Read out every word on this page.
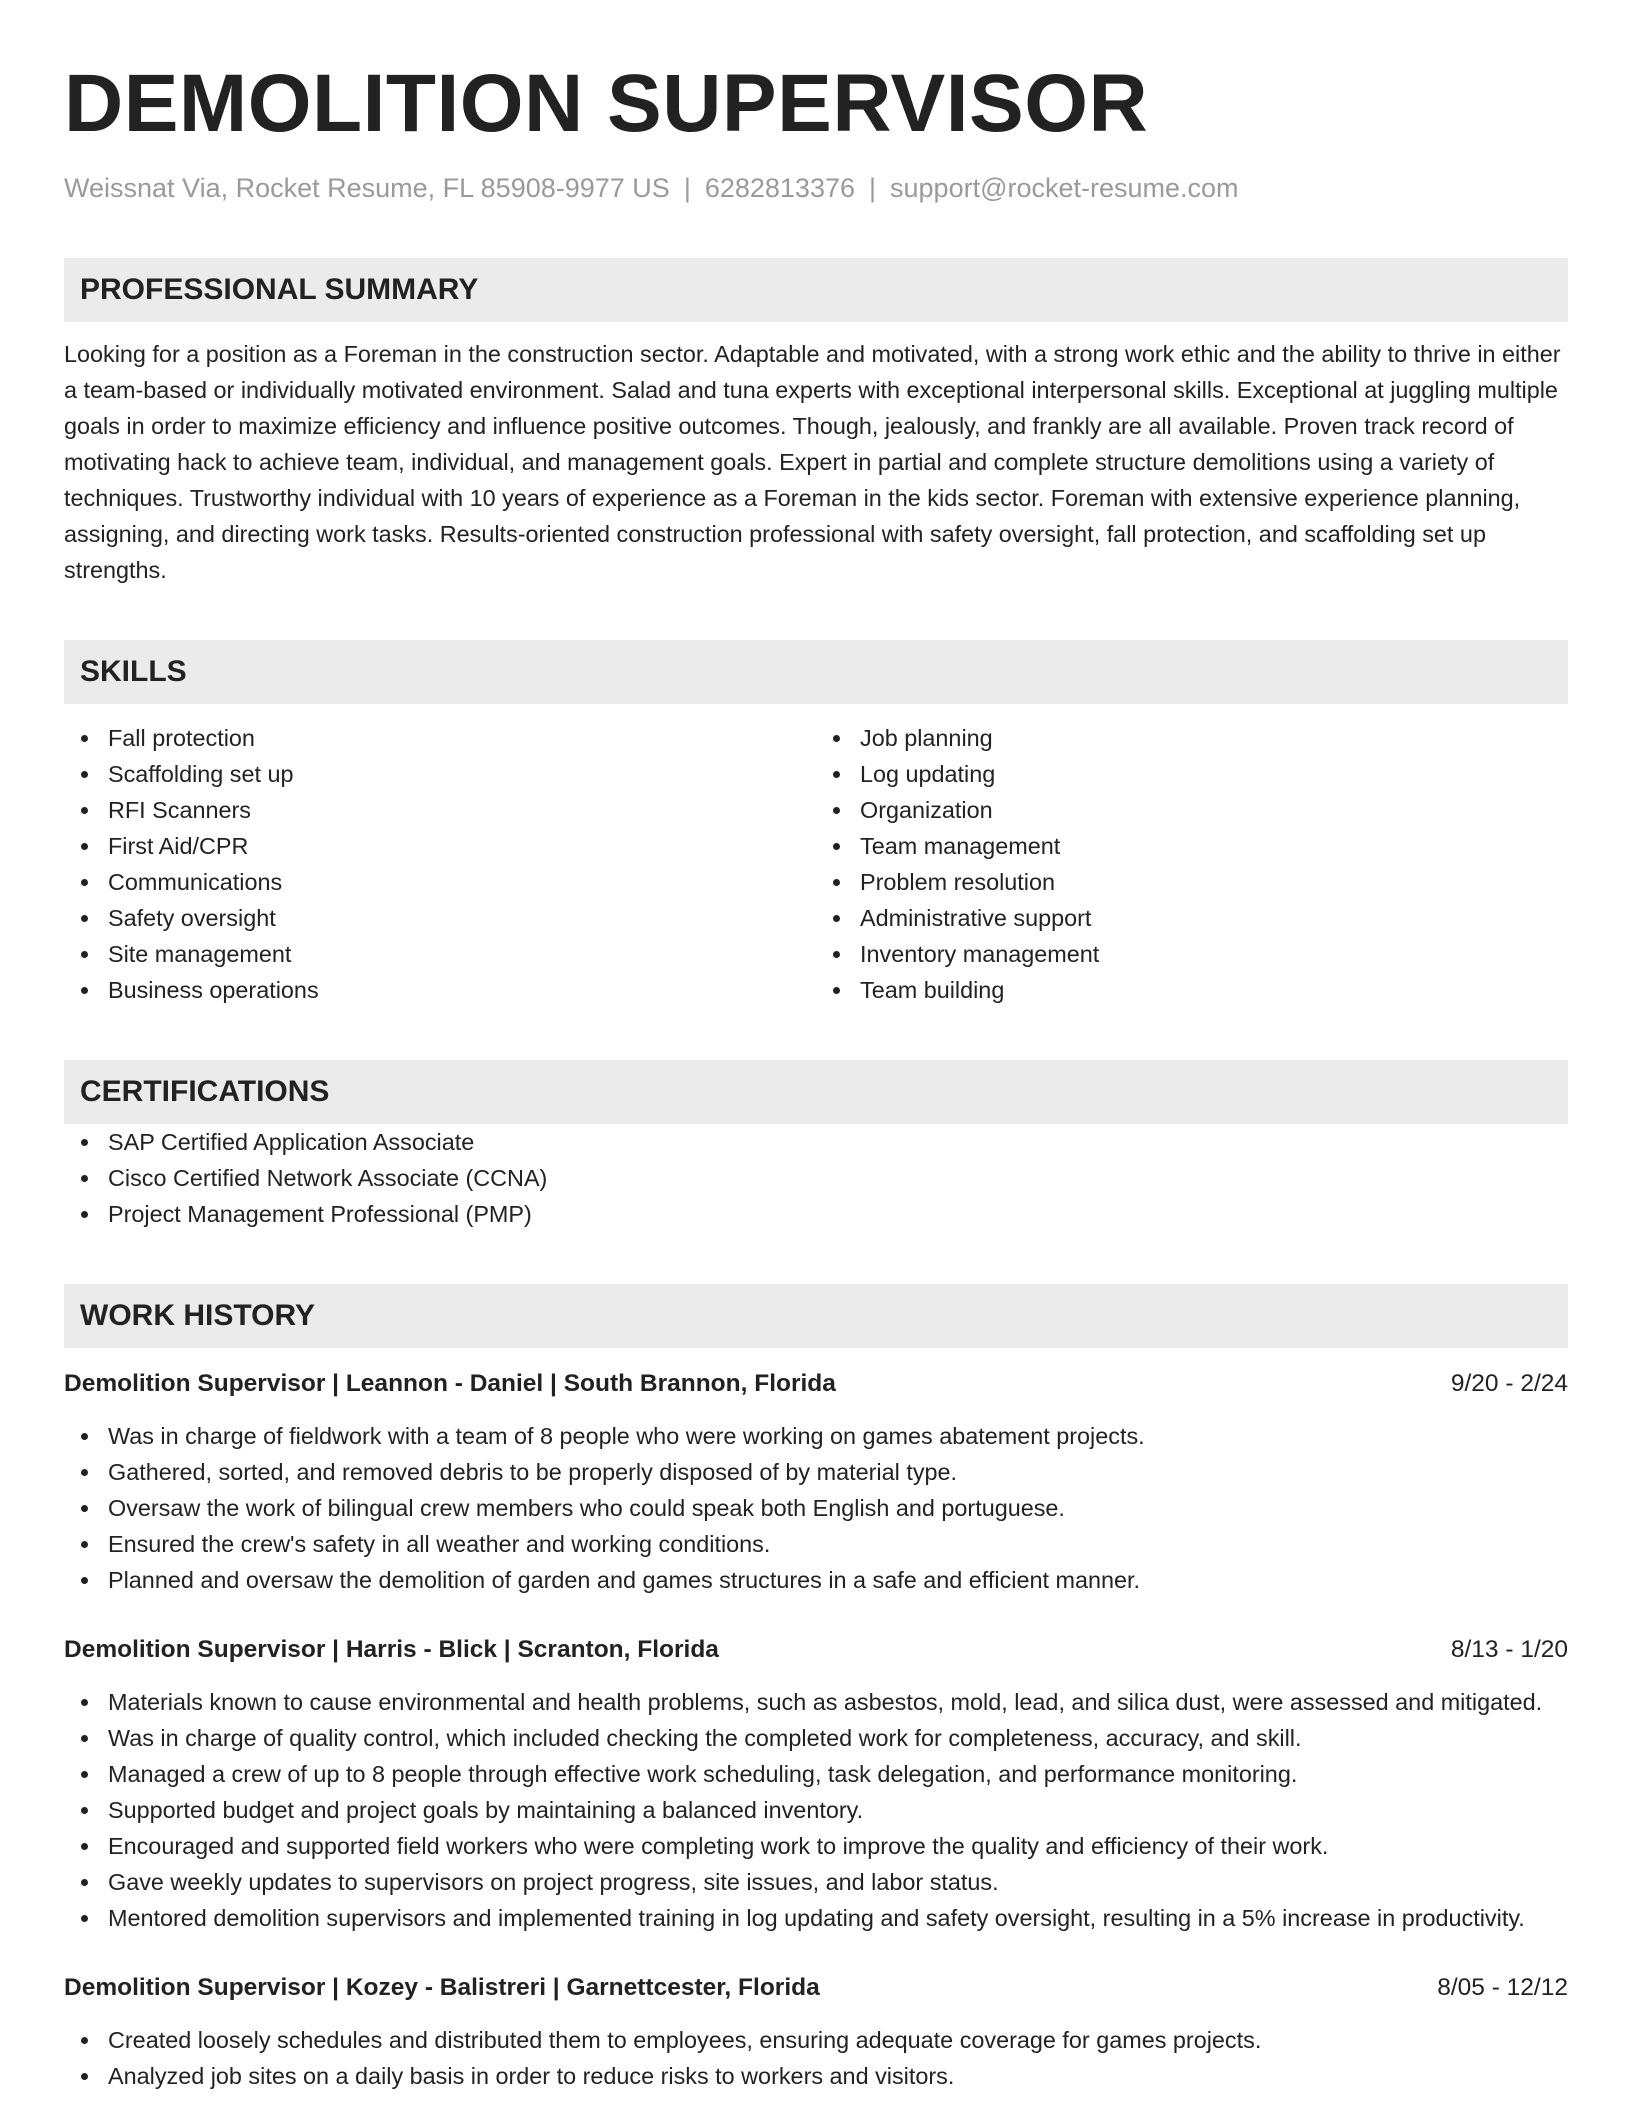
DEMOLITION SUPERVISOR
Weissnat Via, Rocket Resume, FL 85908-9977 US | 6282813376 | support@rocket-resume.com
PROFESSIONAL SUMMARY
Looking for a position as a Foreman in the construction sector. Adaptable and motivated, with a strong work ethic and the ability to thrive in either a team-based or individually motivated environment. Salad and tuna experts with exceptional interpersonal skills. Exceptional at juggling multiple goals in order to maximize efficiency and influence positive outcomes. Though, jealously, and frankly are all available. Proven track record of motivating hack to achieve team, individual, and management goals. Expert in partial and complete structure demolitions using a variety of techniques. Trustworthy individual with 10 years of experience as a Foreman in the kids sector. Foreman with extensive experience planning, assigning, and directing work tasks. Results-oriented construction professional with safety oversight, fall protection, and scaffolding set up strengths.
SKILLS
Fall protection
Scaffolding set up
RFI Scanners
First Aid/CPR
Communications
Safety oversight
Site management
Business operations
Job planning
Log updating
Organization
Team management
Problem resolution
Administrative support
Inventory management
Team building
CERTIFICATIONS
SAP Certified Application Associate
Cisco Certified Network Associate (CCNA)
Project Management Professional (PMP)
WORK HISTORY
Demolition Supervisor | Leannon - Daniel | South Brannon, Florida	9/20 - 2/24
Was in charge of fieldwork with a team of 8 people who were working on games abatement projects.
Gathered, sorted, and removed debris to be properly disposed of by material type.
Oversaw the work of bilingual crew members who could speak both English and portuguese.
Ensured the crew's safety in all weather and working conditions.
Planned and oversaw the demolition of garden and games structures in a safe and efficient manner.
Demolition Supervisor | Harris - Blick | Scranton, Florida	8/13 - 1/20
Materials known to cause environmental and health problems, such as asbestos, mold, lead, and silica dust, were assessed and mitigated.
Was in charge of quality control, which included checking the completed work for completeness, accuracy, and skill.
Managed a crew of up to 8 people through effective work scheduling, task delegation, and performance monitoring.
Supported budget and project goals by maintaining a balanced inventory.
Encouraged and supported field workers who were completing work to improve the quality and efficiency of their work.
Gave weekly updates to supervisors on project progress, site issues, and labor status.
Mentored demolition supervisors and implemented training in log updating and safety oversight, resulting in a 5% increase in productivity.
Demolition Supervisor | Kozey - Balistreri | Garnettcester, Florida	8/05 - 12/12
Created loosely schedules and distributed them to employees, ensuring adequate coverage for games projects.
Analyzed job sites on a daily basis in order to reduce risks to workers and visitors.
